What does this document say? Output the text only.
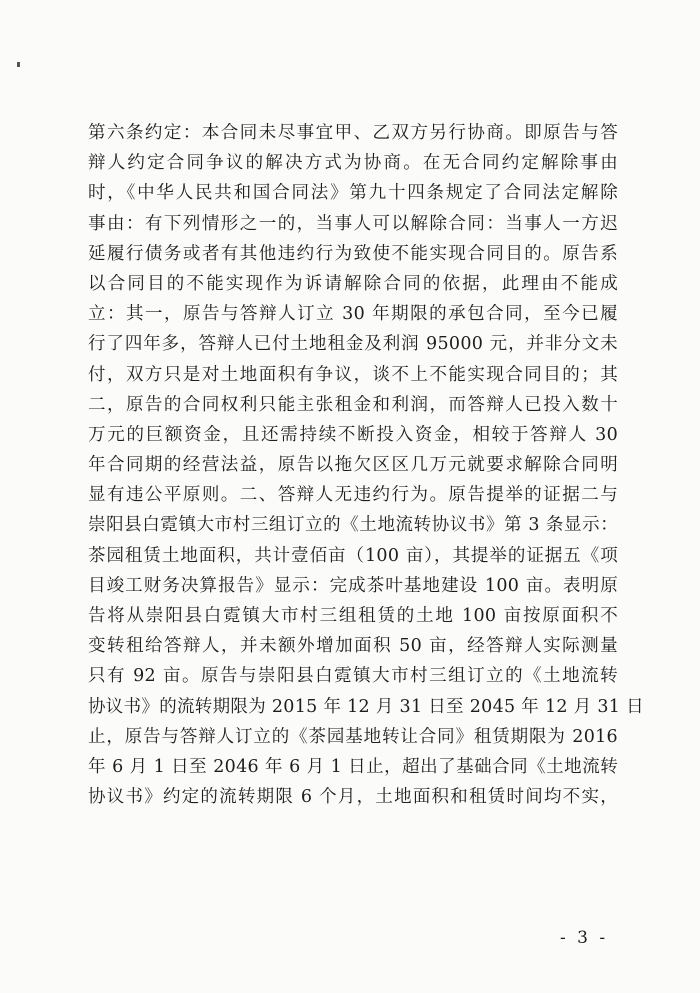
第六条约定：本合同未尽事宜甲、乙双方另行协商。即原告与答
辩人约定合同争议的解决方式为协商。在无合同约定解除事由
时，《中华人民共和国合同法》第九十四条规定了合同法定解除
事由：有下列情形之一的，当事人可以解除合同：当事人一方迟
延履行债务或者有其他违约行为致使不能实现合同目的。原告系
以合同目的不能实现作为诉请解除合同的依据，此理由不能成
立：其一，原告与答辩人订立 30 年期限的承包合同，至今已履
行了四年多，答辩人已付土地租金及利润 95000 元，并非分文未
付，双方只是对土地面积有争议，谈不上不能实现合同目的；其
二，原告的合同权利只能主张租金和利润，而答辩人已投入数十
万元的巨额资金，且还需持续不断投入资金，相较于答辩人 30
年合同期的经营法益，原告以拖欠区区几万元就要求解除合同明
显有违公平原则。二、答辩人无违约行为。原告提举的证据二与
崇阳县白霓镇大市村三组订立的《土地流转协议书》第 3 条显示：
茶园租赁土地面积，共计壹佰亩（100 亩），其提举的证据五《项
目竣工财务决算报告》显示：完成茶叶基地建设 100 亩。表明原
告将从崇阳县白霓镇大市村三组租赁的土地 100 亩按原面积不
变转租给答辩人，并未额外增加面积 50 亩，经答辩人实际测量
只有 92 亩。原告与崇阳县白霓镇大市村三组订立的《土地流转
协议书》的流转期限为 2015 年 12 月 31 日至 2045 年 12 月 31 日
止，原告与答辩人订立的《茶园基地转让合同》租赁期限为 2016
年 6 月 1 日至 2046 年 6 月 1 日止，超出了基础合同《土地流转
协议书》约定的流转期限 6 个月，土地面积和租赁时间均不实，
- 3 -
